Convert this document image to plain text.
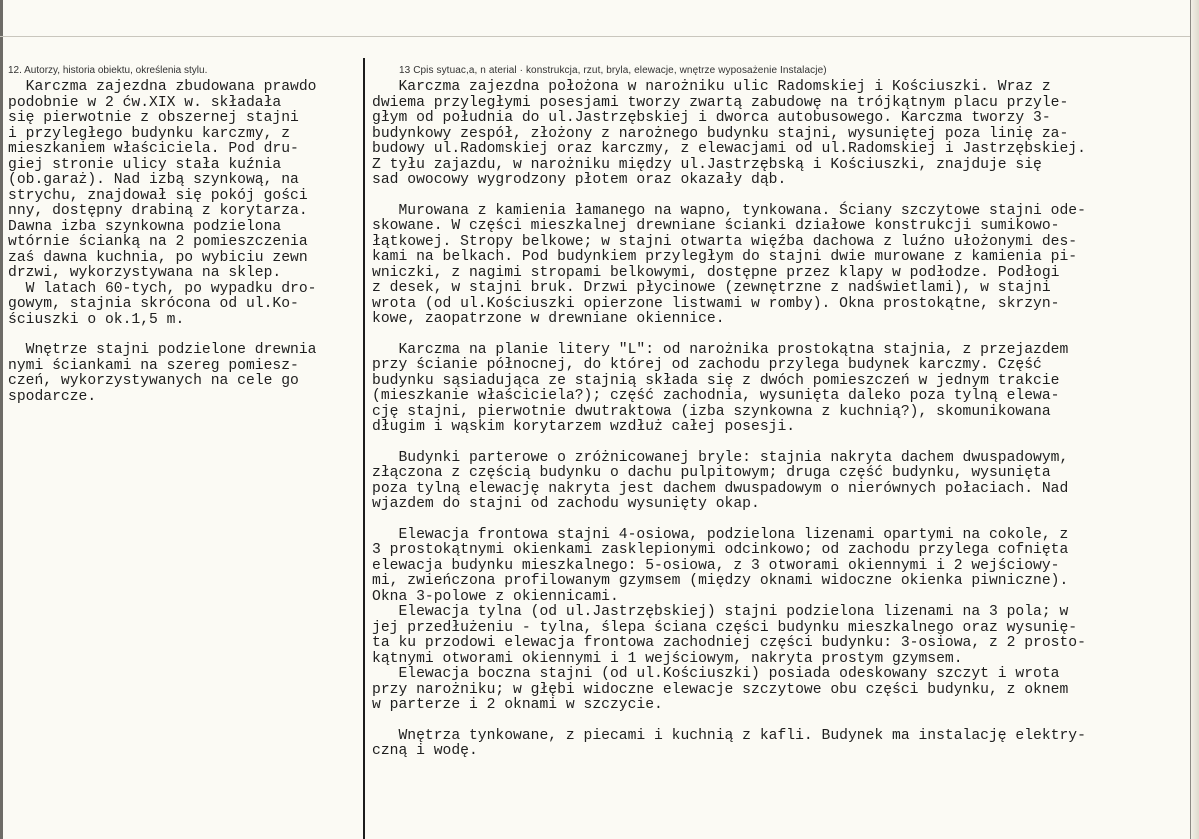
12. Autorzy, historia obiektu, określenia stylu.	13 Cpis sytuac,a, n aterial · konstrukcja, rzut, bryla, elewacje, wnętrze wyposażenie Instalacje)
Karczma zajezdna zbudowana prawdo
podobnie w 2 ćw.XIX w. składała
się pierwotnie z obszernej stajni
i przyległego budynku karczmy, z
mieszkaniem właściciela. Pod dru-
giej stronie ulicy stała kuźnia
(ob.garaż). Nad izbą szynkową, na
strychu, znajdował się pokój gości
nny, dostępny drabiną z korytarza.
Dawna izba szynkowna podzielona
wtórnie ścianką na 2 pomieszczenia
zaś dawna kuchnia, po wybiciu zewn
drzwi, wykorzystywana na sklep.
W latach 60-tych, po wypadku dro-
gowym, stajnia skrócona od ul.Ko-
ściuszki o ok.1,5 m.
Wnętrze stajni podzielone drewnia
nymi ściankami na szereg pomiesz-
czeń, wykorzystywanych na cele go
spodarcze.
Karczma zajezdna położona w narożniku ulic Radomskiej i Kościuszki. Wraz z
dwiema przyległymi posesjami tworzy zwartą zabudowę na trójkątnym placu przyle-
głym od południa do ul.Jastrzębskiej i dworca autobusowego. Karczma tworzy 3-
budynkowy zespół, złożony z narożnego budynku stajni, wysuniętej poza linię za-
budowy ul.Radomskiej oraz karczmy, z elewacjami od ul.Radomskiej i Jastrzębskiej.
Z tyłu zajazdu, w narożniku między ul.Jastrzębską i Kościuszki, znajduje się
sad owocowy wygrodzony płotem oraz okazały dąb.
Murowana z kamienia łamanego na wapno, tynkowana. Ściany szczytowe stajni ode-
skowane. W części mieszkalnej drewniane ścianki działowe konstrukcji sumikowo-
łątkowej. Stropy belkowe; w stajni otwarta więźba dachowa z luźno ułożonymi des-
kami na belkach. Pod budynkiem przyległym do stajni dwie murowane z kamienia pi-
wniczki, z nagimi stropami belkowymi, dostępne przez klapy w podłodze. Podłogi
z desek, w stajni bruk. Drzwi płycinowe (zewnętrzne z nadświetlami), w stajni
wrota (od ul.Kościuszki opierzone listwami w romby). Okna prostokątne, skrzyn-
kowe, zaopatrzone w drewniane okiennice.
Karczma na planie litery "L": od narożnika prostokątna stajnia, z przejazdem
przy ścianie północnej, do której od zachodu przylega budynek karczmy. Część
budynku sąsiadująca ze stajnią składa się z dwóch pomieszczeń w jednym trakcie
(mieszkanie właściciela?); część zachodnia, wysunięta daleko poza tylną elewa-
cję stajni, pierwotnie dwutraktowa (izba szynkowna z kuchnią?), skomunikowana
długim i wąskim korytarzem wzdłuż całej posesji.
Budynki parterowe o zróżnicowanej bryle: stajnia nakryta dachem dwuspadowym,
złączona z częścią budynku o dachu pulpitowym; druga część budynku, wysunięta
poza tylną elewację nakryta jest dachem dwuspadowym o nierównych połaciach. Nad
wjazdem do stajni od zachodu wysunięty okap.
Elewacja frontowa stajni 4-osiowa, podzielona lizenami opartymi na cokole, z
3 prostokątnymi okienkami zasklepionymi odcinkowo; od zachodu przylega cofnięta
elewacja budynku mieszkalnego: 5-osiowa, z 3 otworami okiennymi i 2 wejściowy-
mi, zwieńczona profilowanym gzymsem (między oknami widoczne okienka piwniczne).
Okna 3-polowe z okiennicami.
Elewacja tylna (od ul.Jastrzębskiej) stajni podzielona lizenami na 3 pola; w
jej przedłużeniu - tylna, ślepa ściana części budynku mieszkalnego oraz wysunię-
ta ku przodowi elewacja frontowa zachodniej części budynku: 3-osiowa, z 2 prosto-
kątnymi otworami okiennymi i 1 wejściowym, nakryta prostym gzymsem.
Elewacja boczna stajni (od ul.Kościuszki) posiada odeskowany szczyt i wrota
przy narożniku; w głębi widoczne elewacje szczytowe obu części budynku, z oknem
w parterze i 2 oknami w szczycie.
Wnętrza tynkowane, z piecami i kuchnią z kafli. Budynek ma instalację elektry-
czną i wodę.
